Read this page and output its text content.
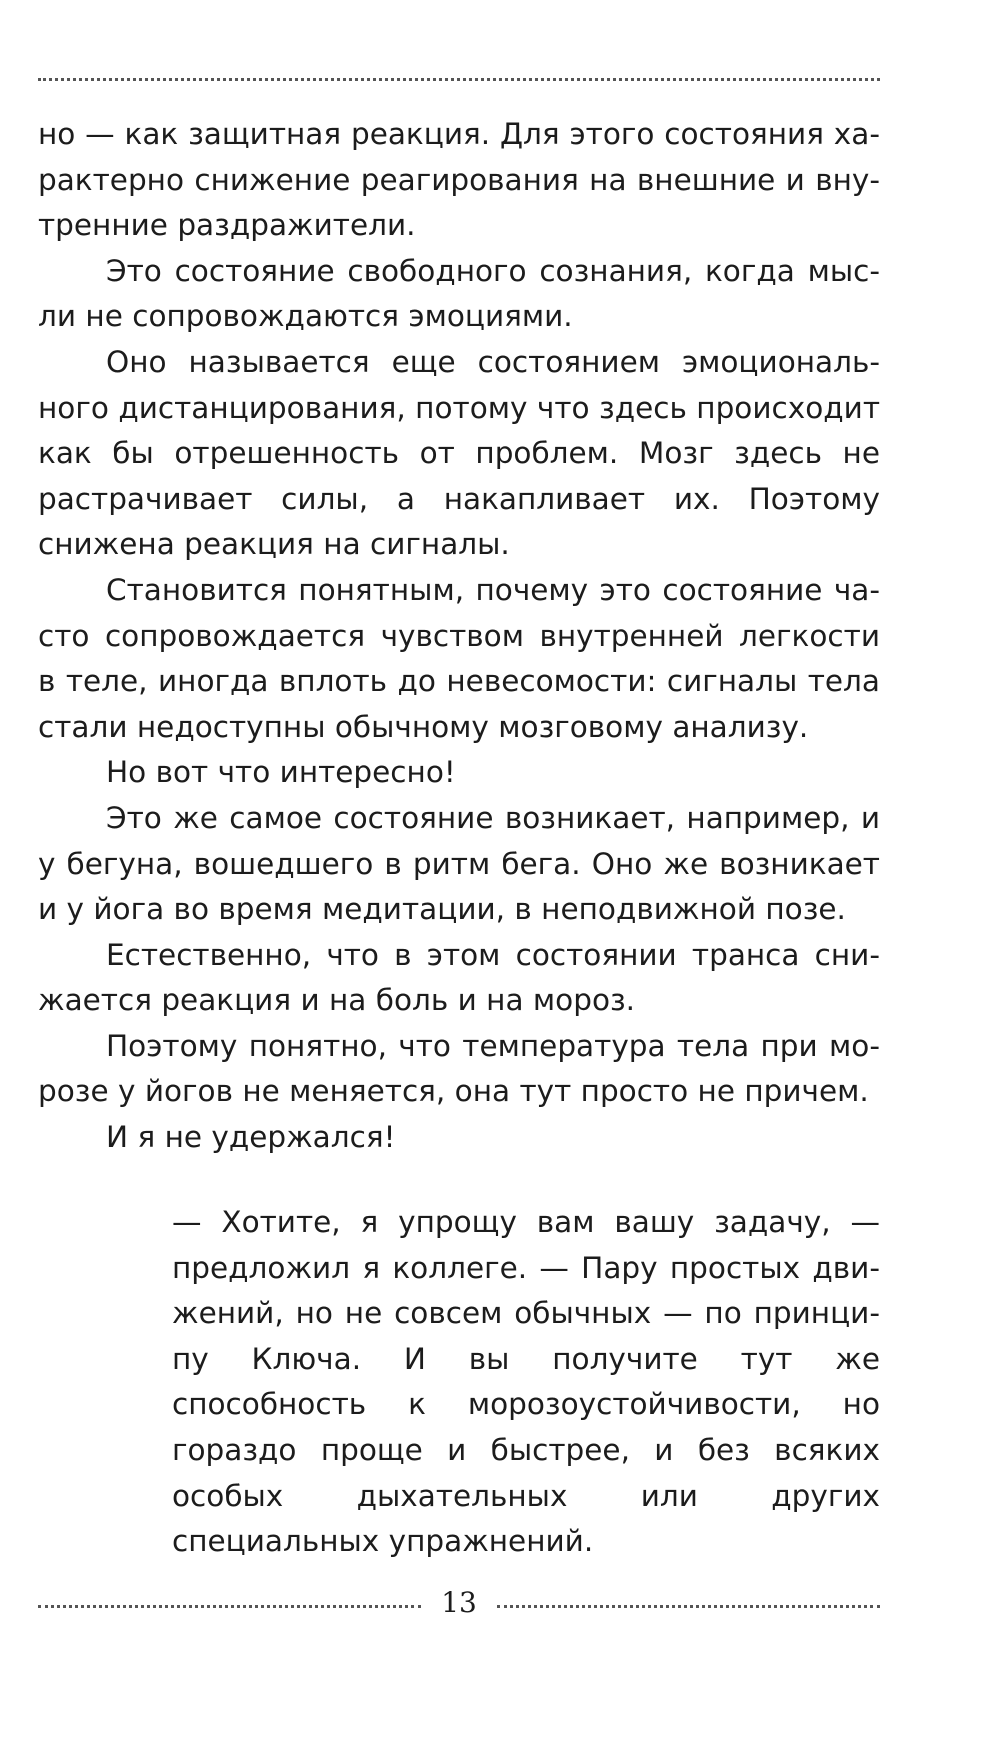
но — как защитная реакция. Для этого состояния характерно снижение реагирования на внешние и внутренние раздражители.

Это состояние свободного сознания, когда мысли не сопровождаются эмоциями.

Оно называется еще состоянием эмоционального дистанцирования, потому что здесь происходит как бы отрешенность от проблем. Мозг здесь не растрачивает силы, а накапливает их. Поэтому снижена реакция на сигналы.

Становится понятным, почему это состояние часто сопровождается чувством внутренней легкости в теле, иногда вплоть до невесомости: сигналы тела стали недоступны обычному мозговому анализу.

Но вот что интересно!

Это же самое состояние возникает, например, и у бегуна, вошедшего в ритм бега. Оно же возникает и у йога во время медитации, в неподвижной позе.

Естественно, что в этом состоянии транса снижается реакция и на боль и на мороз.

Поэтому понятно, что температура тела при морозе у йогов не меняется, она тут просто не причем.

И я не удержался!

— Хотите, я упрощу вам вашу задачу, — предложил я коллеге. — Пару простых движений, но не совсем обычных — по принципу Ключа. И вы получите тут же способность к морозоустойчивости, но гораздо проще и быстрее, и без всяких особых дыхательных или других специальных упражнений.

13
